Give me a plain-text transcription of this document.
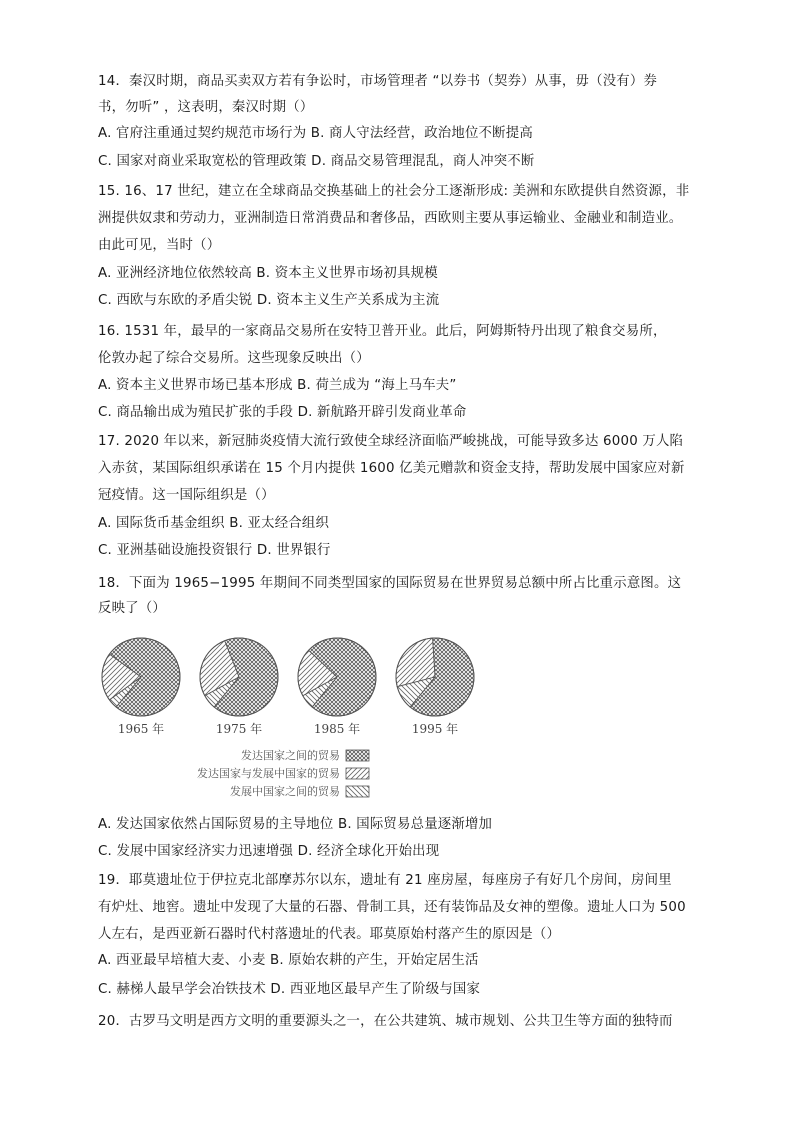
1965 年	1975 年	1985 年	1995 年
发达国家之间的贸易
发达国家与发展中国家的贸易
发展中国家之间的贸易
14．秦汉时期，商品买卖双方若有争讼时，市场管理者 “以券书（契券）从事，毋（没有）券
书，勿听” ，这表明，秦汉时期（）
A. 官府注重通过契约规范市场行为 B. 商人守法经营，政治地位不断提高
C. 国家对商业采取宽松的管理政策 D. 商品交易管理混乱，商人冲突不断
15. 16、17 世纪，建立在全球商品交换基础上的社会分工逐渐形成: 美洲和东欧提供自然资源，非
洲提供奴隶和劳动力，亚洲制造日常消费品和奢侈品，西欧则主要从事运输业、金融业和制造业。
由此可见，当时（）
A. 亚洲经济地位依然较高 B. 资本主义世界市场初具规模
C. 西欧与东欧的矛盾尖锐 D. 资本主义生产关系成为主流
16. 1531 年，最早的一家商品交易所在安特卫普开业。此后，阿姆斯特丹出现了粮食交易所，
伦敦办起了综合交易所。这些现象反映出（）
A. 资本主义世界市场已基本形成 B. 荷兰成为 “海上马车夫”
C. 商品输出成为殖民扩张的手段 D. 新航路开辟引发商业革命
17. 2020 年以来，新冠肺炎疫情大流行致使全球经济面临严峻挑战，可能导致多达 6000 万人陷
入赤贫，某国际组织承诺在 15 个月内提供 1600 亿美元赠款和资金支持，帮助发展中国家应对新
冠疫情。这一国际组织是（）
A. 国际货币基金组织 B. 亚太经合组织
C. 亚洲基础设施投资银行 D. 世界银行
18．下面为 1965−1995 年期间不同类型国家的国际贸易在世界贸易总额中所占比重示意图。这
反映了（）
A. 发达国家依然占国际贸易的主导地位 B. 国际贸易总量逐渐增加
C. 发展中国家经济实力迅速增强 D. 经济全球化开始出现
19．耶莫遗址位于伊拉克北部摩苏尔以东，遗址有 21 座房屋，每座房子有好几个房间，房间里
有炉灶、地窖。遗址中发现了大量的石器、骨制工具，还有装饰品及女神的塑像。遗址人口为 500
人左右，是西亚新石器时代村落遗址的代表。耶莫原始村落产生的原因是（）
A. 西亚最早培植大麦、小麦 B. 原始农耕的产生，开始定居生活
C. 赫梯人最早学会冶铁技术 D. 西亚地区最早产生了阶级与国家
20．古罗马文明是西方文明的重要源头之一，在公共建筑、城市规划、公共卫生等方面的独特而
